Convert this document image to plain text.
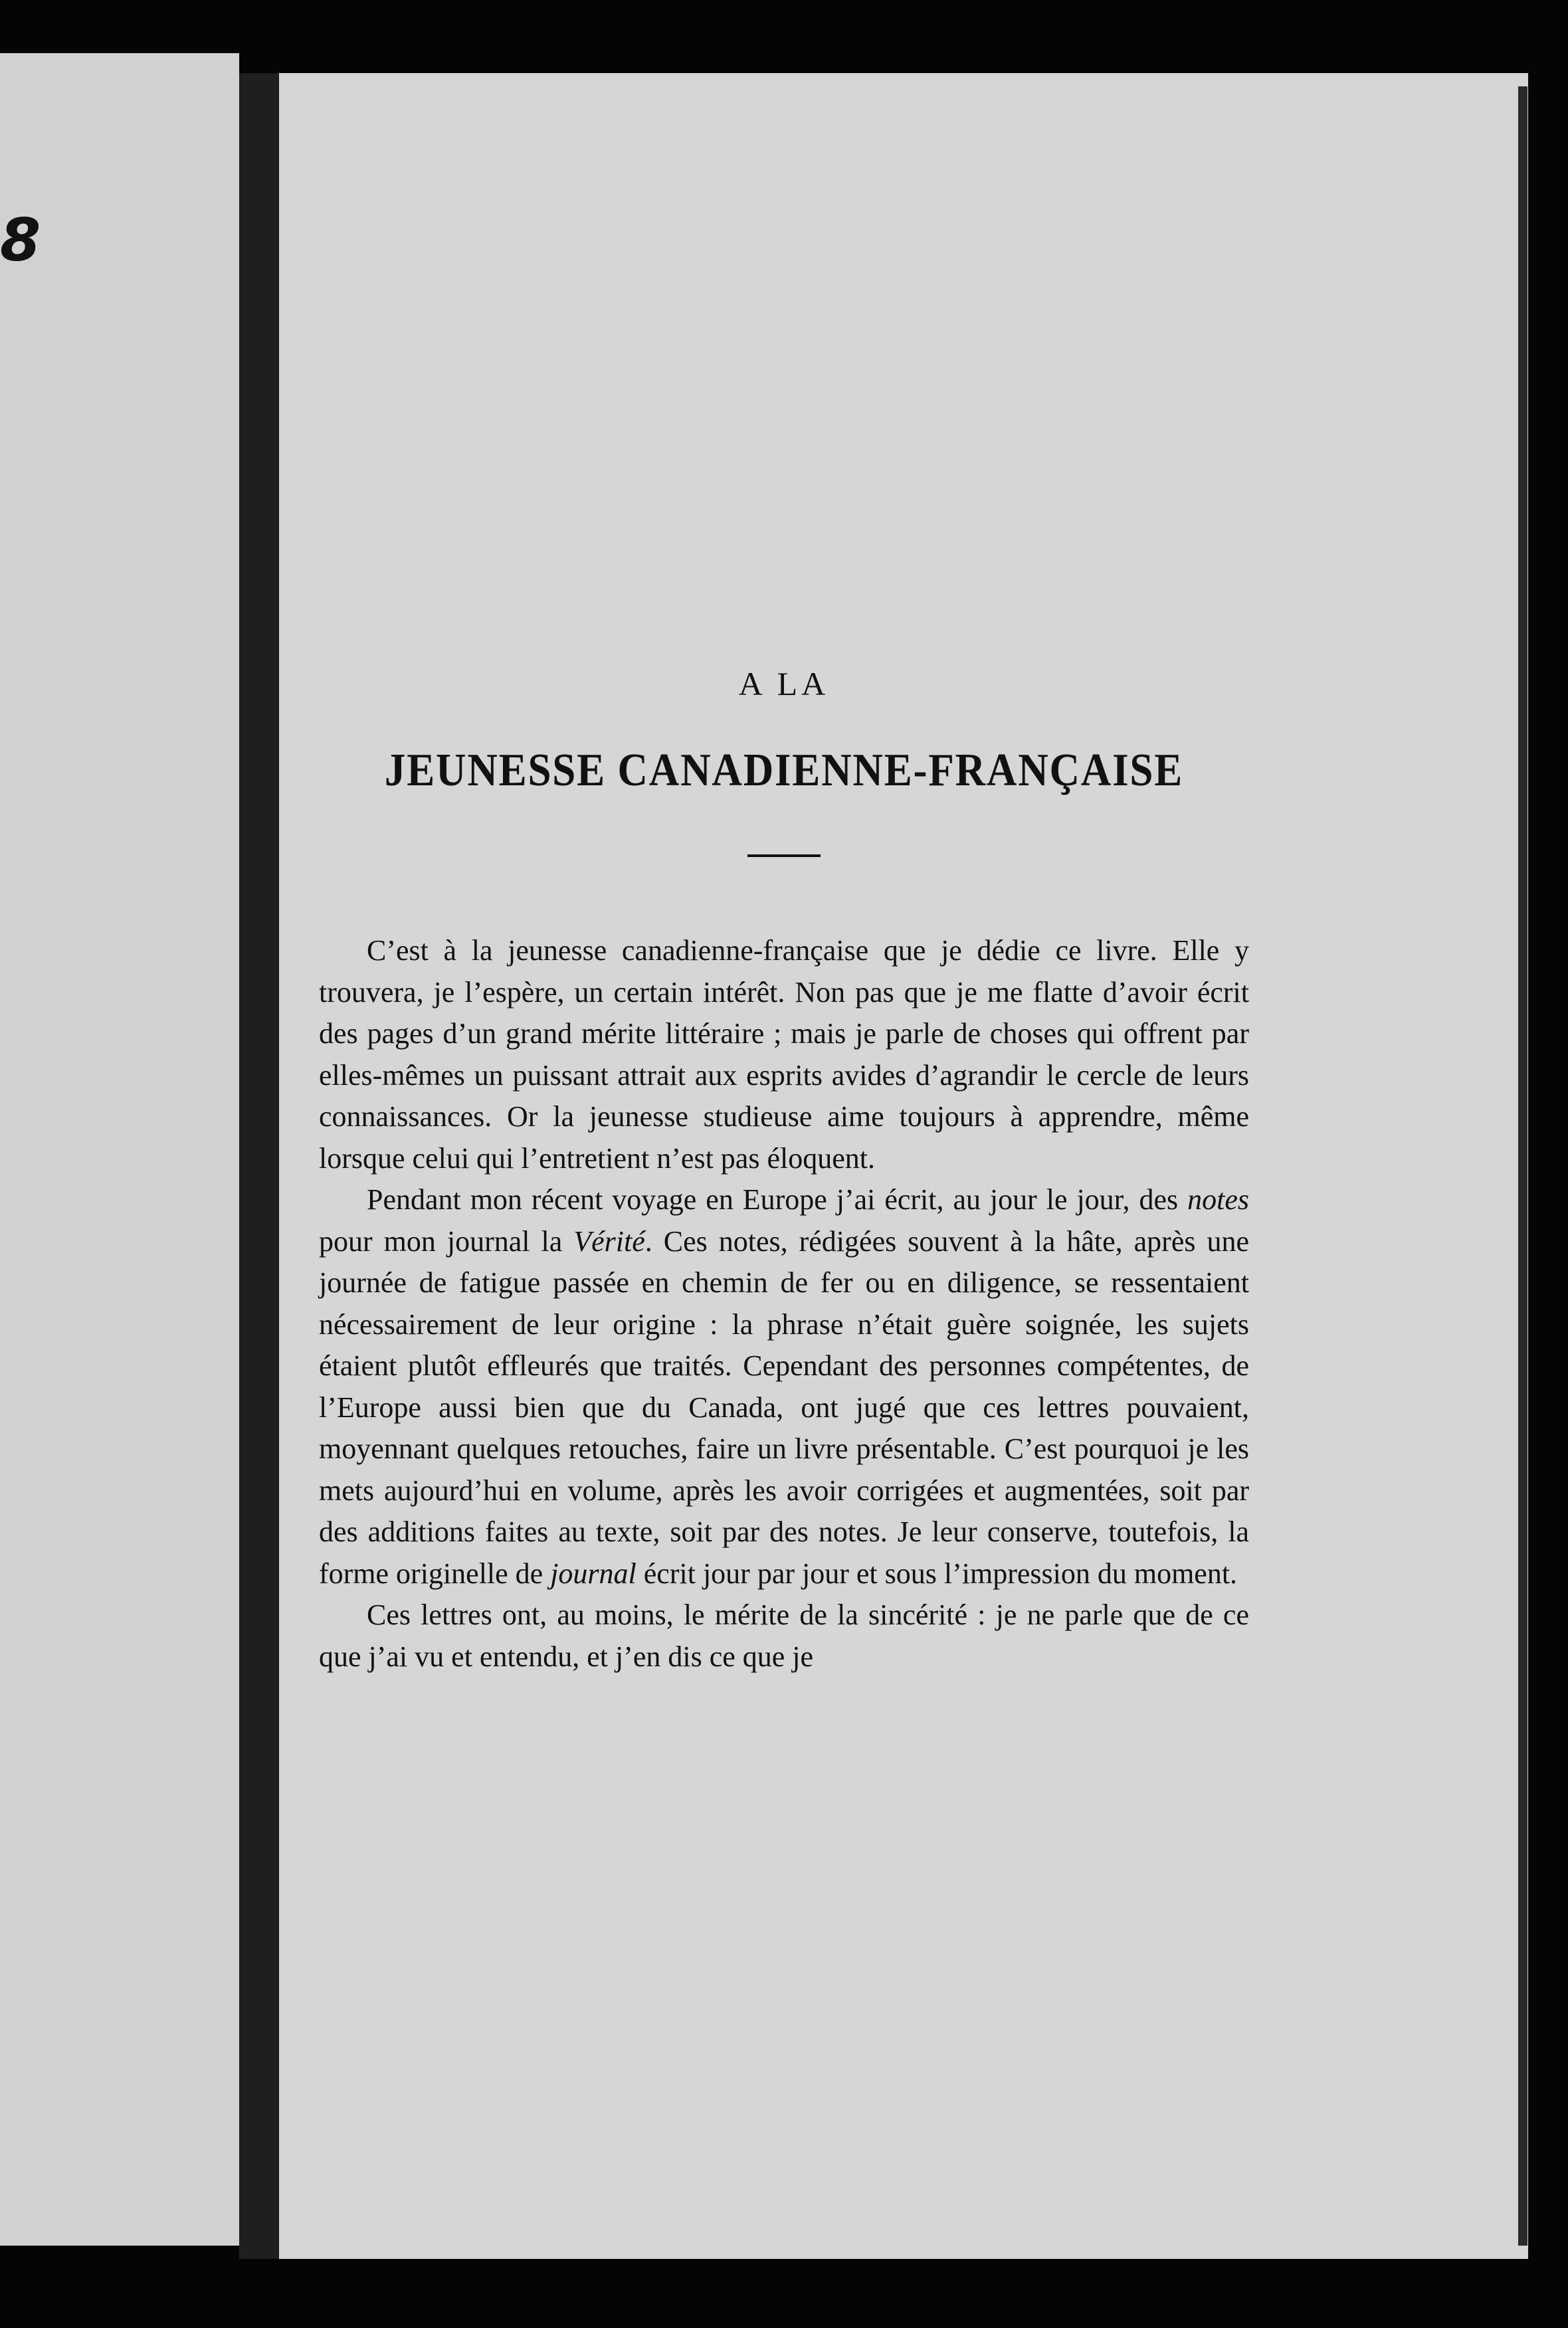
8

A LA

JEUNESSE CANADIENNE-FRANÇAISE

C’est à la jeunesse canadienne-française que je dédie ce livre. Elle y trouvera, je l’espère, un certain intérêt. Non pas que je me flatte d’avoir écrit des pages d’un grand mérite littéraire ; mais je parle de choses qui offrent par elles-mêmes un puissant attrait aux esprits avides d’agrandir le cercle de leurs connaissances. Or la jeunesse studieuse aime toujours à apprendre, même lorsque celui qui l’entretient n’est pas éloquent.

Pendant mon récent voyage en Europe j’ai écrit, au jour le jour, des notes pour mon journal la Vérité. Ces notes, rédigées souvent à la hâte, après une journée de fatigue passée en chemin de fer ou en diligence, se ressentaient nécessairement de leur origine : la phrase n’était guère soignée, les sujets étaient plutôt effleurés que traités. Cependant des personnes compétentes, de l’Europe aussi bien que du Canada, ont jugé que ces lettres pouvaient, moyennant quelques retouches, faire un livre présentable. C’est pourquoi je les mets aujourd’hui en volume, après les avoir corrigées et augmentées, soit par des additions faites au texte, soit par des notes. Je leur conserve, toutefois, la forme originelle de journal écrit jour par jour et sous l’impression du moment.

Ces lettres ont, au moins, le mérite de la sincérité : je ne parle que de ce que j’ai vu et entendu, et j’en dis ce que je
